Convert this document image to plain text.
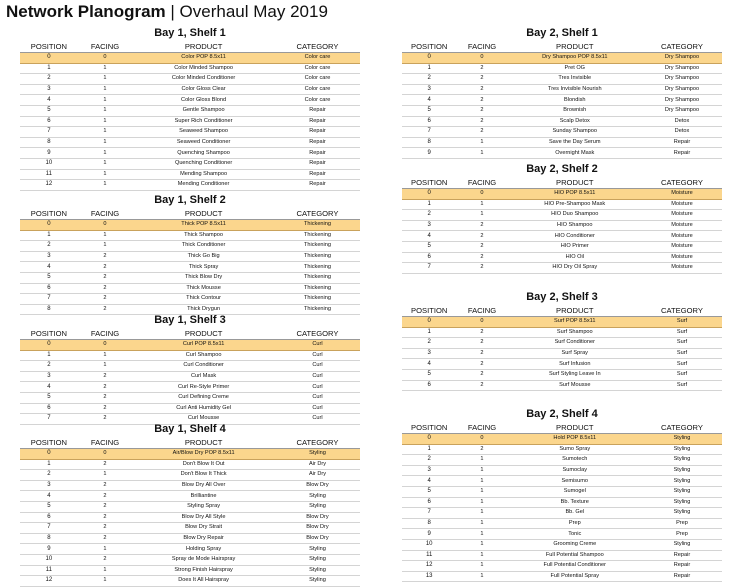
Network Planogram | Overhaul May 2019
Bay 1, Shelf 1
POSITION	FACING	PRODUCT	CATEGORY
0	0	Color POP 8.5x11	Color care
1	1	Color Minded Shampoo	Color care
2	1	Color Minded Conditioner	Color care
3	1	Color Gloss Clear	Color care
4	1	Color Gloss Blond	Color care
5	1	Gentle Shampoo	Repair
6	1	Super Rich Conditioner	Repair
7	1	Seaweed Shampoo	Repair
8	1	Seaweed Conditioner	Repair
9	1	Quenching Shampoo	Repair
10	1	Quenching Conditioner	Repair
11	1	Mending Shampoo	Repair
12	1	Mending Conditioner	Repair
Bay 1, Shelf 2
POSITION	FACING	PRODUCT	CATEGORY
0	0	Thick POP 8.5x11	Thickening
1	1	Thick Shampoo	Thickening
2	1	Thick Conditioner	Thickening
3	2	Thick Go Big	Thickening
4	2	Thick Spray	Thickening
5	2	Thick Blow Dry	Thickening
6	2	Thick Mousse	Thickening
7	2	Thick Contour	Thickening
8	2	Thick Drygun	Thickening
Bay 1, Shelf 3
POSITION	FACING	PRODUCT	CATEGORY
0	0	Curl POP 8.5x11	Curl
1	1	Curl Shampoo	Curl
2	1	Curl Conditioner	Curl
3	2	Curl Mask	Curl
4	2	Curl Re-Style Primer	Curl
5	2	Curl Defining Creme	Curl
6	2	Curl Anti Humidity Gel	Curl
7	2	Curl Mousse	Curl
Bay 1, Shelf 4
POSITION	FACING	PRODUCT	CATEGORY
0	0	Air/Blow Dry POP 8.5x11	Styling
1	2	Don't Blow It Out	Air Dry
2	1	Don't Blow It Thick	Air Dry
3	2	Blow Dry All Over	Blow Dry
4	2	Brilliantine	Styling
5	2	Styling Spray	Styling
6	2	Blow Dry All Style	Blow Dry
7	2	Blow Dry Strait	Blow Dry
8	2	Blow Dry Repair	Blow Dry
9	1	Holding Spray	Styling
10	2	Spray de Mode Hairspray	Styling
11	1	Strong Finish Hairspray	Styling
12	1	Does It All Hairspray	Styling
Bay 2, Shelf 1
POSITION	FACING	PRODUCT	CATEGORY
0	0	Dry Shampoo POP 8.5x11	Dry Shampoo
1	2	Pret OG	Dry Shampoo
2	2	Tres Invisible	Dry Shampoo
3	2	Tres Invisible Nourish	Dry Shampoo
4	2	Blondish	Dry Shampoo
5	2	Brownish	Dry Shampoo
6	2	Scalp Detox	Detox
7	2	Sunday Shampoo	Detox
8	1	Save the Day Serum	Repair
9	1	Overnight Mask	Repair
Bay 2, Shelf 2
POSITION	FACING	PRODUCT	CATEGORY
0	0	HIO POP 8.5x11	Moisture
1	1	HIO Pre-Shampoo Mask	Moisture
2	1	HIO Duo Shampoo	Moisture
3	2	HIO Shampoo	Moisture
4	2	HIO Conditioner	Moisture
5	2	HIO Primer	Moisture
6	2	HIO Oil	Moisture
7	2	HIO Dry Oil Spray	Moisture
Bay 2, Shelf 3
POSITION	FACING	PRODUCT	CATEGORY
0	0	Surf POP 8.5x11	Surf
1	2	Surf Shampoo	Surf
2	2	Surf Conditioner	Surf
3	2	Surf Spray	Surf
4	2	Surf Infusion	Surf
5	2	Surf Styling Leave In	Surf
6	2	Surf Mousse	Surf
Bay 2, Shelf 4
POSITION	FACING	PRODUCT	CATEGORY
0	0	Hold POP 8.5x11	Styling
1	2	Sumo Spray	Styling
2	1	Sumotech	Styling
3	1	Sumoclay	Styling
4	1	Semisumo	Styling
5	1	Sumogel	Styling
6	1	Bb. Texture	Styling
7	1	Bb. Gel	Styling
8	1	Prep	Prep
9	1	Tonic	Prep
10	1	Grooming Creme	Styling
11	1	Full Potential Shampoo	Repair
12	1	Full Potential Conditioner	Repair
13	1	Full Potential Spray	Repair
